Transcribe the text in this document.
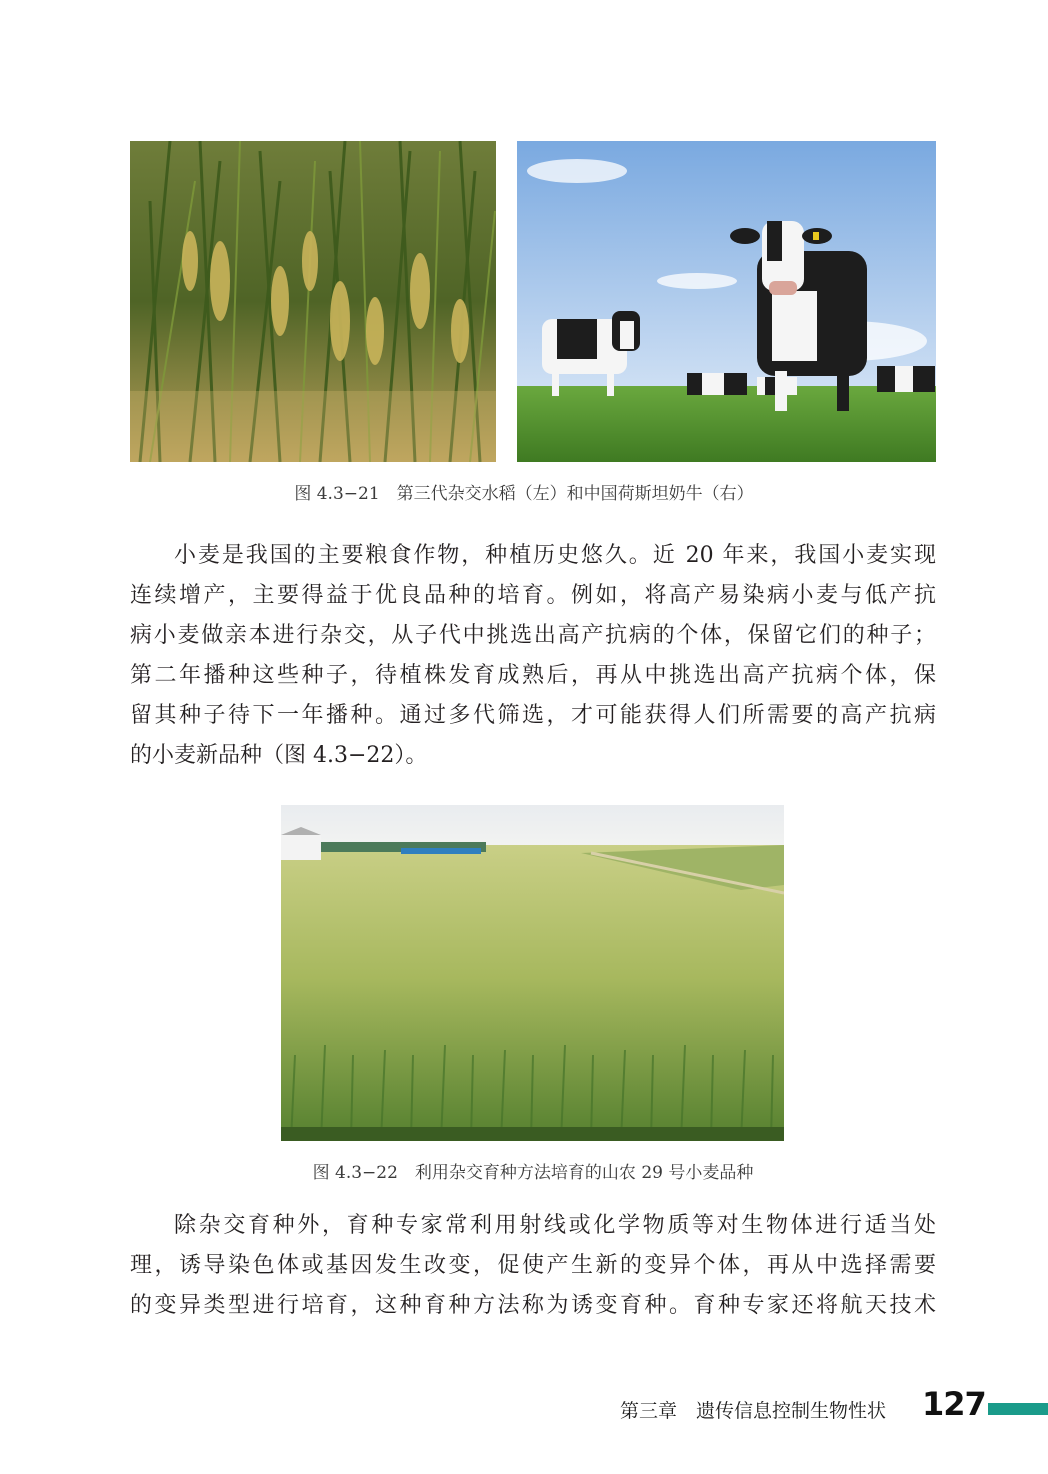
图 4.3−21　第三代杂交水稻（左）和中国荷斯坦奶牛（右）
小麦是我国的主要粮食作物，种植历史悠久。近 20 年来，我国小麦实现
连续增产，主要得益于优良品种的培育。例如，将高产易染病小麦与低产抗
病小麦做亲本进行杂交，从子代中挑选出高产抗病的个体，保留它们的种子；
第二年播种这些种子，待植株发育成熟后，再从中挑选出高产抗病个体，保
留其种子待下一年播种。通过多代筛选，才可能获得人们所需要的高产抗病
的小麦新品种（图 4.3−22）。
图 4.3−22　利用杂交育种方法培育的山农 29 号小麦品种
除杂交育种外，育种专家常利用射线或化学物质等对生物体进行适当处
理，诱导染色体或基因发生改变，促使产生新的变异个体，再从中选择需要
的变异类型进行培育，这种育种方法称为诱变育种。育种专家还将航天技术
第三章　遗传信息控制生物性状 127
